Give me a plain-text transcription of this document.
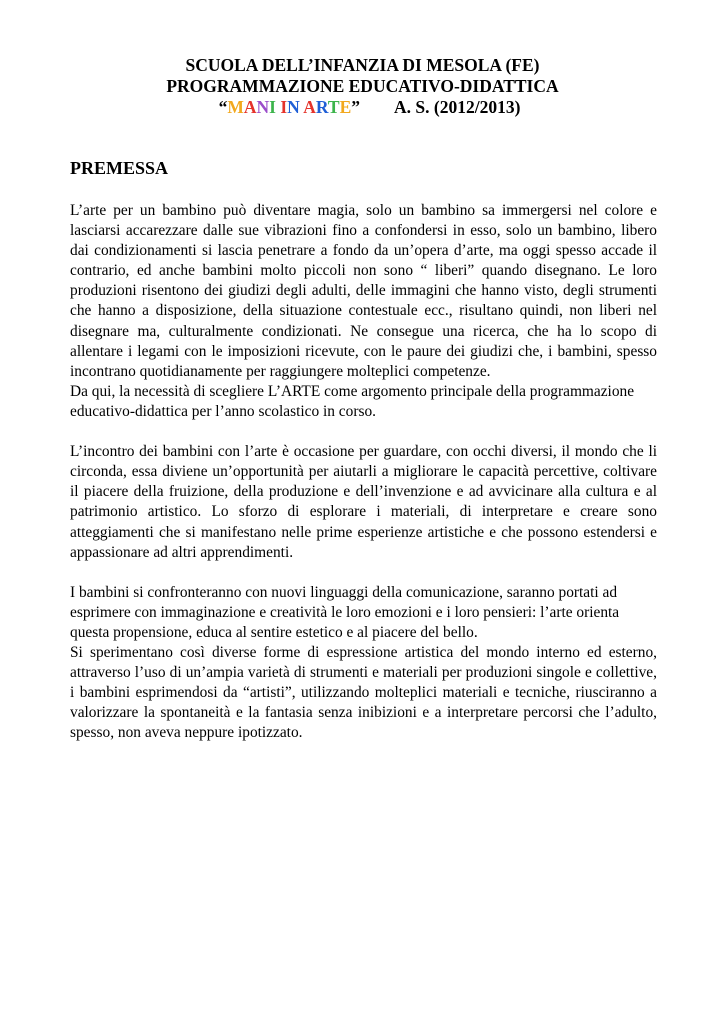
SCUOLA DELL’INFANZIA DI MESOLA (FE)
PROGRAMMAZIONE EDUCATIVO-DIDATTICA
“MANI IN ARTE” A. S. (2012/2013)
PREMESSA

L’arte per un bambino può diventare magia, solo un bambino sa immergersi nel colore e lasciarsi accarezzare dalle sue vibrazioni fino a confondersi in esso, solo un bambino, libero dai condizionamenti si lascia penetrare a fondo da un’opera d’arte, ma oggi spesso accade il contrario, ed anche bambini molto piccoli non sono “ liberi” quando disegnano. Le loro produzioni risentono dei giudizi degli adulti, delle immagini che hanno visto, degli strumenti che hanno a disposizione, della situazione contestuale ecc., risultano quindi, non liberi nel disegnare ma, culturalmente condizionati. Ne consegue una ricerca, che ha lo scopo di allentare i legami con le imposizioni ricevute, con le paure dei giudizi che, i bambini, spesso incontrano quotidianamente per raggiungere molteplici competenze.

Da qui, la necessità di scegliere L’ARTE come argomento principale della programmazione educativo-didattica per l’anno scolastico in corso.

L’incontro dei bambini con l’arte è occasione per guardare, con occhi diversi, il mondo che li circonda, essa diviene un’opportunità per aiutarli a migliorare le capacità percettive, coltivare il piacere della fruizione, della produzione e dell’invenzione e ad avvicinare alla cultura e al patrimonio artistico. Lo sforzo di esplorare i materiali, di interpretare e creare sono atteggiamenti che si manifestano nelle prime esperienze artistiche e che possono estendersi e appassionare ad altri apprendimenti.

I bambini si confronteranno con nuovi linguaggi della comunicazione, saranno portati ad esprimere con immaginazione e creatività le loro emozioni e i loro pensieri: l’arte orienta questa propensione, educa al sentire estetico e al piacere del bello.

Si sperimentano così diverse forme di espressione artistica del mondo interno ed esterno, attraverso l’uso di un’ampia varietà di strumenti e materiali per produzioni singole e collettive, i bambini esprimendosi da “artisti”, utilizzando molteplici materiali e tecniche, riusciranno a valorizzare la spontaneità e la fantasia senza inibizioni e a interpretare percorsi che l’adulto, spesso, non aveva neppure ipotizzato.
